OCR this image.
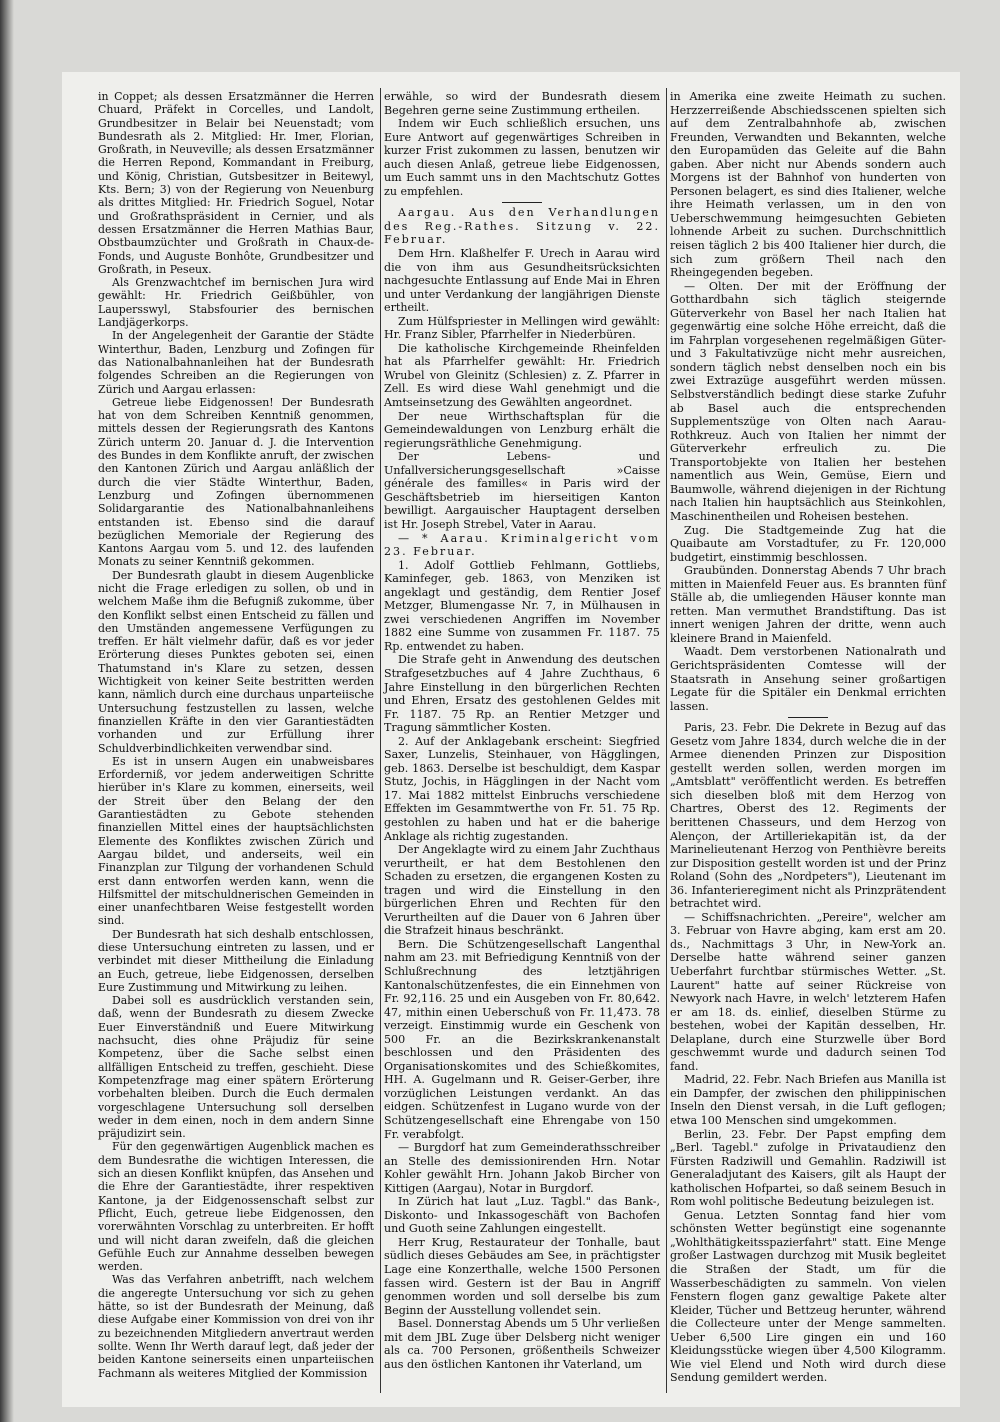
in Coppet; als dessen Ersatzmänner die Herren Chuard, Präfekt in Corcelles, und Landolt, Grundbesitzer in Belair bei Neuenstadt; vom Bundesrath als 2. Mitglied: Hr. Imer, Florian, Großrath, in Neuveville; als dessen Ersatzmänner die Herren Repond, Kommandant in Freiburg, und König, Christian, Gutsbesitzer in Beitewyl, Kts. Bern; 3) von der Regierung von Neuenburg als drittes Mitglied: Hr. Friedrich Soguel, Notar und Großrathspräsident in Cernier, und als dessen Ersatzmänner die Herren Mathias Baur, Obstbaumzüchter und Großrath in Chaux-de-Fonds, und Auguste Bonhôte, Grundbesitzer und Großrath, in Peseux.

Als Grenzwachtchef im bernischen Jura wird gewählt: Hr. Friedrich Geißbühler, von Laupersswyl, Stabsfourier des bernischen Landjägerkorps.

In der Angelegenheit der Garantie der Städte Winterthur, Baden, Lenzburg und Zofingen für das Nationalbahnanleihen hat der Bundesrath folgendes Schreiben an die Regierungen von Zürich und Aargau erlassen:

Getreue liebe Eidgenossen! Der Bundesrath hat von dem Schreiben Kenntniß genommen, mittels dessen der Regierungsrath des Kantons Zürich unterm 20. Januar d. J. die Intervention des Bundes in dem Konflikte anruft, der zwischen den Kantonen Zürich und Aargau anläßlich der durch die vier Städte Winterthur, Baden, Lenzburg und Zofingen übernommenen Solidargarantie des Nationalbahnanleihens entstanden ist. Ebenso sind die darauf bezüglichen Memoriale der Regierung des Kantons Aargau vom 5. und 12. des laufenden Monats zu seiner Kenntniß gekommen.

Der Bundesrath glaubt in diesem Augenblicke nicht die Frage erledigen zu sollen, ob und in welchem Maße ihm die Befugniß zukomme, über den Konflikt selbst einen Entscheid zu fällen und den Umständen angemessene Verfügungen zu treffen. Er hält vielmehr dafür, daß es vor jeder Erörterung dieses Punktes geboten sei, einen Thatumstand in's Klare zu setzen, dessen Wichtigkeit von keiner Seite bestritten werden kann, nämlich durch eine durchaus unparteiische Untersuchung festzustellen zu lassen, welche finanziellen Kräfte in den vier Garantiestädten vorhanden und zur Erfüllung ihrer Schuldverbindlichkeiten verwendbar sind.

Es ist in unsern Augen ein unabweisbares Erforderniß, vor jedem anderweitigen Schritte hierüber in's Klare zu kommen, einerseits, weil der Streit über den Belang der den Garantiestädten zu Gebote stehenden finanziellen Mittel eines der hauptsächlichsten Elemente des Konfliktes zwischen Zürich und Aargau bildet, und anderseits, weil ein Finanzplan zur Tilgung der vorhandenen Schuld erst dann entworfen werden kann, wenn die Hilfsmittel der mitschuldnerischen Gemeinden in einer unanfechtbaren Weise festgestellt worden sind.

Der Bundesrath hat sich deshalb entschlossen, diese Untersuchung eintreten zu lassen, und er verbindet mit dieser Mittheilung die Einladung an Euch, getreue, liebe Eidgenossen, derselben Eure Zustimmung und Mitwirkung zu leihen.

Dabei soll es ausdrücklich verstanden sein, daß, wenn der Bundesrath zu diesem Zwecke Euer Einverständniß und Euere Mitwirkung nachsucht, dies ohne Präjudiz für seine Kompetenz, über die Sache selbst einen allfälligen Entscheid zu treffen, geschieht. Diese Kompetenzfrage mag einer spätern Erörterung vorbehalten bleiben. Durch die Euch dermalen vorgeschlagene Untersuchung soll derselben weder in dem einen, noch in dem andern Sinne präjudizirt sein.

Für den gegenwärtigen Augenblick machen es dem Bundesrathe die wichtigen Interessen, die sich an diesen Konflikt knüpfen, das Ansehen und die Ehre der Garantiestädte, ihrer respektiven Kantone, ja der Eidgenossenschaft selbst zur Pflicht, Euch, getreue liebe Eidgenossen, den vorerwähnten Vorschlag zu unterbreiten. Er hofft und will nicht daran zweifeln, daß die gleichen Gefühle Euch zur Annahme desselben bewegen werden.

Was das Verfahren anbetrifft, nach welchem die angeregte Untersuchung vor sich zu gehen hätte, so ist der Bundesrath der Meinung, daß diese Aufgabe einer Kommission von drei von ihr zu bezeichnenden Mitgliedern anvertraut werden sollte. Wenn Ihr Werth darauf legt, daß jeder der beiden Kantone seinerseits einen unparteiischen Fachmann als weiteres Mitglied der Kommission

erwähle, so wird der Bundesrath diesem Begehren gerne seine Zustimmung ertheilen.

Indem wir Euch schließlich ersuchen, uns Eure Antwort auf gegenwärtiges Schreiben in kurzer Frist zukommen zu lassen, benutzen wir auch diesen Anlaß, getreue liebe Eidgenossen, um Euch sammt uns in den Machtschutz Gottes zu empfehlen.

Aargau. Aus den Verhandlungen des Reg.-Rathes. Sitzung v. 22. Februar.

Dem Hrn. Klaßhelfer F. Urech in Aarau wird die von ihm aus Gesundheitsrücksichten nachgesuchte Entlassung auf Ende Mai in Ehren und unter Verdankung der langjährigen Dienste ertheilt.

Zum Hülfspriester in Mellingen wird gewählt: Hr. Franz Sibler, Pfarrhelfer in Niederbüren.

Die katholische Kirchgemeinde Rheinfelden hat als Pfarrhelfer gewählt: Hr. Friedrich Wrubel von Gleinitz (Schlesien) z. Z. Pfarrer in Zell. Es wird diese Wahl genehmigt und die Amtseinsetzung des Gewählten angeordnet.

Der neue Wirthschaftsplan für die Gemeindewaldungen von Lenzburg erhält die regierungsräthliche Genehmigung.

Der Lebens- und Unfallversicherungsgesellschaft »Caisse générale des familles« in Paris wird der Geschäftsbetrieb im hierseitigen Kanton bewilligt. Aargauischer Hauptagent derselben ist Hr. Joseph Strebel, Vater in Aarau.

— * Aarau. Kriminalgericht vom 23. Februar.

1. Adolf Gottlieb Fehlmann, Gottliebs, Kaminfeger, geb. 1863, von Menziken ist angeklagt und geständig, dem Rentier Josef Metzger, Blumengasse Nr. 7, in Mülhausen in zwei verschiedenen Angriffen im November 1882 eine Summe von zusammen Fr. 1187. 75 Rp. entwendet zu haben.

Die Strafe geht in Anwendung des deutschen Strafgesetzbuches auf 4 Jahre Zuchthaus, 6 Jahre Einstellung in den bürgerlichen Rechten und Ehren, Ersatz des gestohlenen Geldes mit Fr. 1187. 75 Rp. an Rentier Metzger und Tragung sämmtlicher Kosten.

2. Auf der Anklagebank erscheint: Siegfried Saxer, Lunzelis, Steinhauer, von Hägglingen, geb. 1863. Derselbe ist beschuldigt, dem Kaspar Stutz, Jochis, in Hägglingen in der Nacht vom 17. Mai 1882 mittelst Einbruchs verschiedene Effekten im Gesammtwerthe von Fr. 51. 75 Rp. gestohlen zu haben und hat er die baherige Anklage als richtig zugestanden.

Der Angeklagte wird zu einem Jahr Zuchthaus verurtheilt, er hat dem Bestohlenen den Schaden zu ersetzen, die ergangenen Kosten zu tragen und wird die Einstellung in den bürgerlichen Ehren und Rechten für den Verurtheilten auf die Dauer von 6 Jahren über die Strafzeit hinaus beschränkt.

Bern. Die Schützengesellschaft Langenthal nahm am 23. mit Befriedigung Kenntniß von der Schlußrechnung des letztjährigen Kantonalschützenfestes, die ein Einnehmen von Fr. 92,116. 25 und ein Ausgeben von Fr. 80,642. 47, mithin einen Ueberschuß von Fr. 11,473. 78 verzeigt. Einstimmig wurde ein Geschenk von 500 Fr. an die Bezirkskrankenanstalt beschlossen und den Präsidenten des Organisationskomites und des Schießkomites, HH. A. Gugelmann und R. Geiser-Gerber, ihre vorzüglichen Leistungen verdankt. An das eidgen. Schützenfest in Lugano wurde von der Schützengesellschaft eine Ehrengabe von 150 Fr. verabfolgt.

— Burgdorf hat zum Gemeinderathsschreiber an Stelle des demissionirenden Hrn. Notar Kohler gewählt Hrn. Johann Jakob Bircher von Kittigen (Aargau), Notar in Burgdorf.

In Zürich hat laut „Luz. Tagbl." das Bank-, Diskonto- und Inkassogeschäft von Bachofen und Guoth seine Zahlungen eingestellt.

Herr Krug, Restaurateur der Tonhalle, baut südlich dieses Gebäudes am See, in prächtigster Lage eine Konzerthalle, welche 1500 Personen fassen wird. Gestern ist der Bau in Angriff genommen worden und soll derselbe bis zum Beginn der Ausstellung vollendet sein.

Basel. Donnerstag Abends um 5 Uhr verließen mit dem JBL Zuge über Delsberg nicht weniger als ca. 700 Personen, größentheils Schweizer aus den östlichen Kantonen ihr Vaterland, um

in Amerika eine zweite Heimath zu suchen. Herzzerreißende Abschiedsscenen spielten sich auf dem Zentralbahnhofe ab, zwischen Freunden, Verwandten und Bekannten, welche den Europamüden das Geleite auf die Bahn gaben. Aber nicht nur Abends sondern auch Morgens ist der Bahnhof von hunderten von Personen belagert, es sind dies Italiener, welche ihre Heimath verlassen, um in den von Ueberschwemmung heimgesuchten Gebieten lohnende Arbeit zu suchen. Durchschnittlich reisen täglich 2 bis 400 Italiener hier durch, die sich zum größern Theil nach den Rheingegenden begeben.

— Olten. Der mit der Eröffnung der Gotthardbahn sich täglich steigernde Güterverkehr von Basel her nach Italien hat gegenwärtig eine solche Höhe erreicht, daß die im Fahrplan vorgesehenen regelmäßigen Güter- und 3 Fakultativzüge nicht mehr ausreichen, sondern täglich nebst denselben noch ein bis zwei Extrazüge ausgeführt werden müssen. Selbstverständlich bedingt diese starke Zufuhr ab Basel auch die entsprechenden Supplementszüge von Olten nach Aarau-Rothkreuz. Auch von Italien her nimmt der Güterverkehr erfreulich zu. Die Transportobjekte von Italien her bestehen namentlich aus Wein, Gemüse, Eiern und Baumwolle, während diejenigen in der Richtung nach Italien hin hauptsächlich aus Steinkohlen, Maschinentheilen und Roheisen bestehen.

Zug. Die Stadtgemeinde Zug hat die Quaibaute am Vorstadtufer, zu Fr. 120,000 budgetirt, einstimmig beschlossen.

Graubünden. Donnerstag Abends 7 Uhr brach mitten in Maienfeld Feuer aus. Es brannten fünf Ställe ab, die umliegenden Häuser konnte man retten. Man vermuthet Brandstiftung. Das ist innert wenigen Jahren der dritte, wenn auch kleinere Brand in Maienfeld.

Waadt. Dem verstorbenen Nationalrath und Gerichtspräsidenten Comtesse will der Staatsrath in Ansehung seiner großartigen Legate für die Spitäler ein Denkmal errichten lassen.

Paris, 23. Febr. Die Dekrete in Bezug auf das Gesetz vom Jahre 1834, durch welche die in der Armee dienenden Prinzen zur Disposition gestellt werden sollen, werden morgen im „Amtsblatt" veröffentlicht werden. Es betreffen sich dieselben bloß mit dem Herzog von Chartres, Oberst des 12. Regiments der berittenen Chasseurs, und dem Herzog von Alençon, der Artilleriekapitän ist, da der Marinelieutenant Herzog von Penthièvre bereits zur Disposition gestellt worden ist und der Prinz Roland (Sohn des „Nordpeters"), Lieutenant im 36. Infanterieregiment nicht als Prinzprätendent betrachtet wird.

— Schiffsnachrichten. „Pereire", welcher am 3. Februar von Havre abging, kam erst am 20. ds., Nachmittags 3 Uhr, in New-York an. Derselbe hatte während seiner ganzen Ueberfahrt furchtbar stürmisches Wetter. „St. Laurent" hatte auf seiner Rückreise von Newyork nach Havre, in welch' letzterem Hafen er am 18. ds. einlief, dieselben Stürme zu bestehen, wobei der Kapitän desselben, Hr. Delaplane, durch eine Sturzwelle über Bord geschwemmt wurde und dadurch seinen Tod fand.

Madrid, 22. Febr. Nach Briefen aus Manilla ist ein Dampfer, der zwischen den philippinischen Inseln den Dienst versah, in die Luft geflogen; etwa 100 Menschen sind umgekommen.

Berlin, 23. Febr. Der Papst empfing dem „Berl. Tagebl." zufolge in Privataudienz den Fürsten Radziwill und Gemahlin. Radziwill ist Generaladjutant des Kaisers, gilt als Haupt der katholischen Hofpartei, so daß seinem Besuch in Rom wohl politische Bedeutung beizulegen ist.

Genua. Letzten Sonntag fand hier vom schönsten Wetter begünstigt eine sogenannte „Wohlthätigkeitsspazierfahrt" statt. Eine Menge großer Lastwagen durchzog mit Musik begleitet die Straßen der Stadt, um für die Wasserbeschädigten zu sammeln. Von vielen Fenstern flogen ganz gewaltige Pakete alter Kleider, Tücher und Bettzeug herunter, während die Collecteure unter der Menge sammelten. Ueber 6,500 Lire gingen ein und 160 Kleidungsstücke wiegen über 4,500 Kilogramm. Wie viel Elend und Noth wird durch diese Sendung gemildert werden.
